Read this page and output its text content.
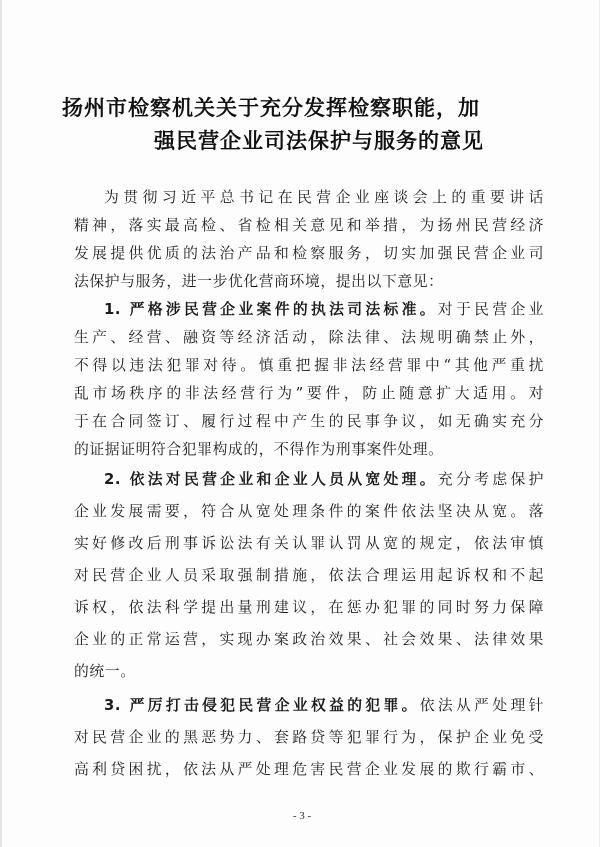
扬州市检察机关关于充分发挥检察职能，加
强民营企业司法保护与服务的意见
为贯彻习近平总书记在民营企业座谈会上的重要讲话
精神，落实最高检、省检相关意见和举措，为扬州民营经济
发展提供优质的法治产品和检察服务，切实加强民营企业司
法保护与服务，进一步优化营商环境，提出以下意见：
1. 严格涉民营企业案件的执法司法标准。对于民营企业
生产、经营、融资等经济活动，除法律、法规明确禁止外，
不得以违法犯罪对待。慎重把握非法经营罪中“其他严重扰
乱市场秩序的非法经营行为”要件，防止随意扩大适用。对
于在合同签订、履行过程中产生的民事争议，如无确实充分
的证据证明符合犯罪构成的，不得作为刑事案件处理。
2. 依法对民营企业和企业人员从宽处理。充分考虑保护
企业发展需要，符合从宽处理条件的案件依法坚决从宽。落
实好修改后刑事诉讼法有关认罪认罚从宽的规定，依法审慎
对民营企业人员采取强制措施，依法合理运用起诉权和不起
诉权，依法科学提出量刑建议，在惩办犯罪的同时努力保障
企业的正常运营，实现办案政治效果、社会效果、法律效果
的统一。
3. 严厉打击侵犯民营企业权益的犯罪。依法从严处理针
对民营企业的黑恶势力、套路贷等犯罪行为，保护企业免受
高利贷困扰，依法从严处理危害民营企业发展的欺行霸市、
- 3 -
